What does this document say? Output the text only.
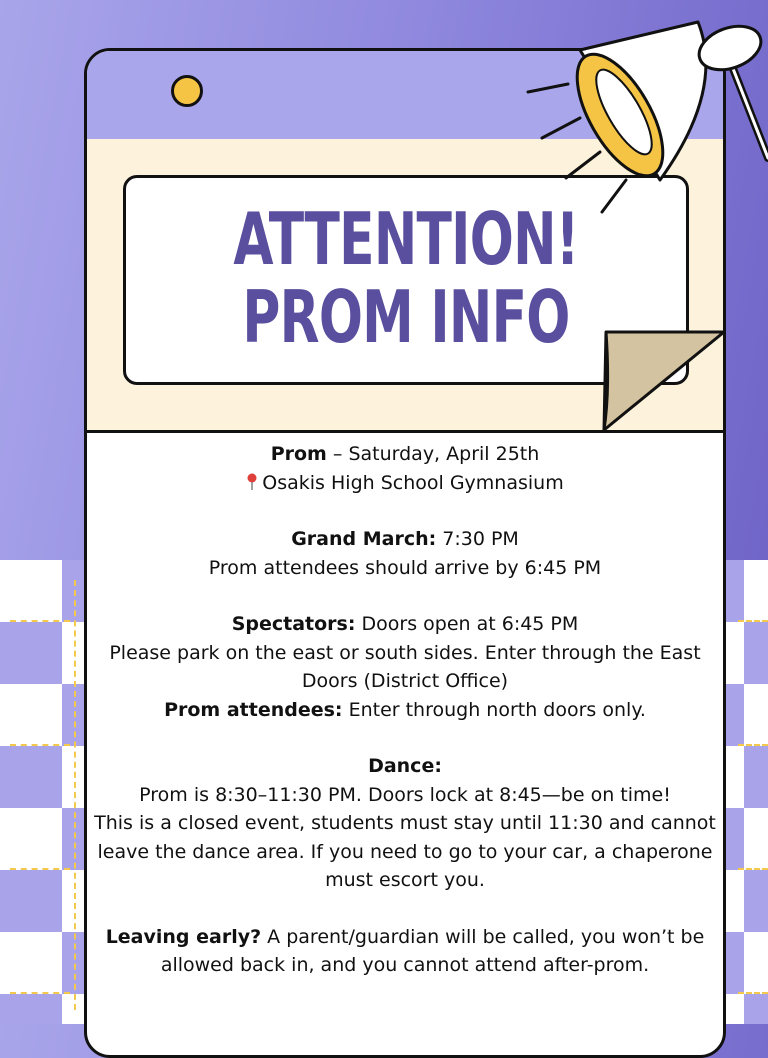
ATTENTION!
PROM INFO

Prom – Saturday, April 25th

Osakis High School Gymnasium

Grand March: 7:30 PM

Prom attendees should arrive by 6:45 PM

Spectators: Doors open at 6:45 PM

Please park on the east or south sides. Enter through the East Doors (District Office)

Prom attendees: Enter through north doors only.

Dance:

Prom is 8:30–11:30 PM. Doors lock at 8:45—be on time!

This is a closed event, students must stay until 11:30 and cannot leave the dance area. If you need to go to your car, a chaperone must escort you.

Leaving early? A parent/guardian will be called, you won’t be allowed back in, and you cannot attend after-prom.
